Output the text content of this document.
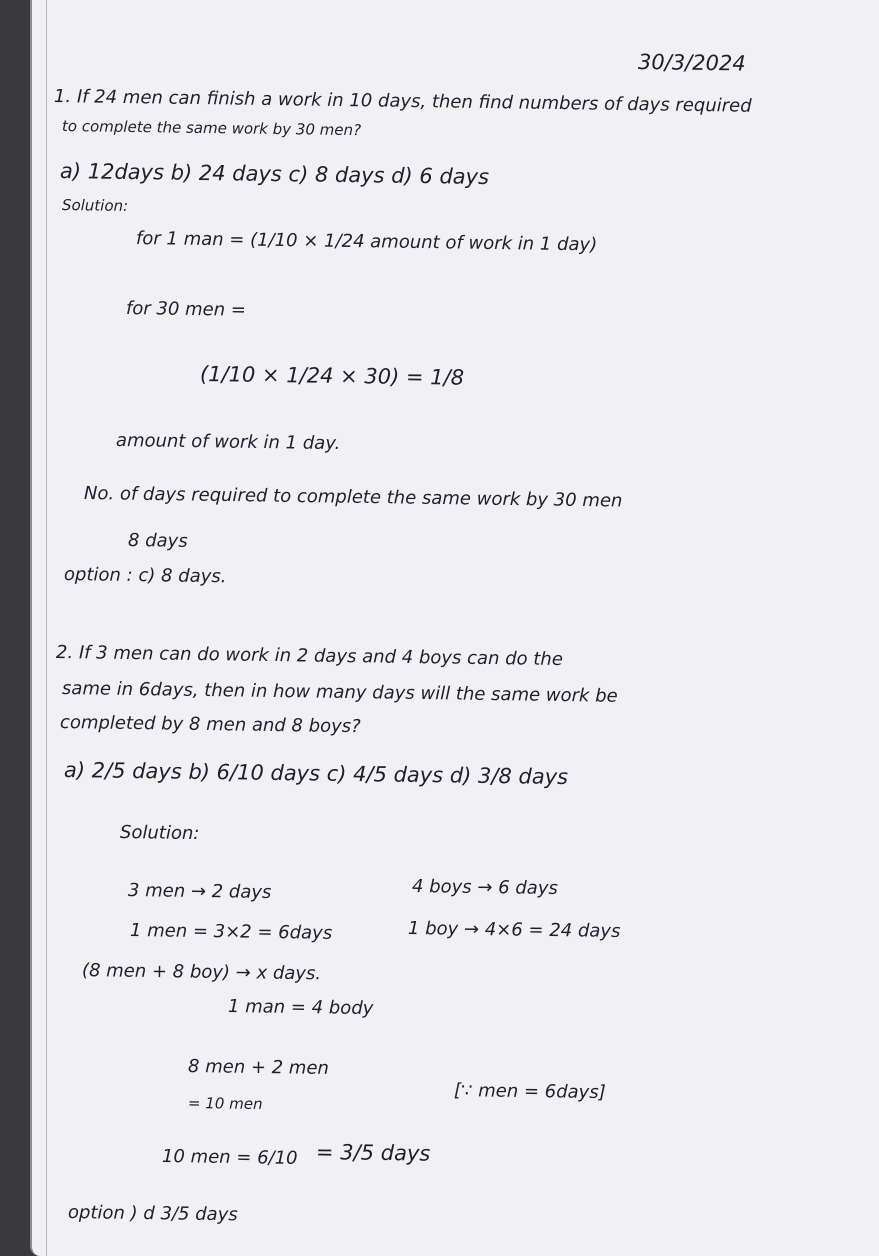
30/3/2024
1. If 24 men can finish a work in 10 days, then find numbers of days required
to complete the same work by 30 men?
a) 12days b) 24 days c) 8 days d) 6 days
Solution:
for 1 man = (1/10 × 1/24 amount of work in 1 day)
for 30 men =
(1/10 × 1/24 × 30) = 1/8
amount of work in 1 day.
No. of days required to complete the same work by 30 men
8 days
option : c) 8 days.
2. If 3 men can do work in 2 days and 4 boys can do the
same in 6days, then in how many days will the same work be
completed by 8 men and 8 boys?
a) 2/5 days b) 6/10 days c) 4/5 days d) 3/8 days
Solution:
3 men → 2 days
1 men = 3×2 = 6days
4 boys → 6 days
1 boy → 4×6 = 24 days
(8 men + 8 boy) → x days.
1 man = 4 body
8 men + 2 men
= 10 men
[∵ men = 6days]
10 men = 6/10 = 3/5 days
option ) d 3/5 days
